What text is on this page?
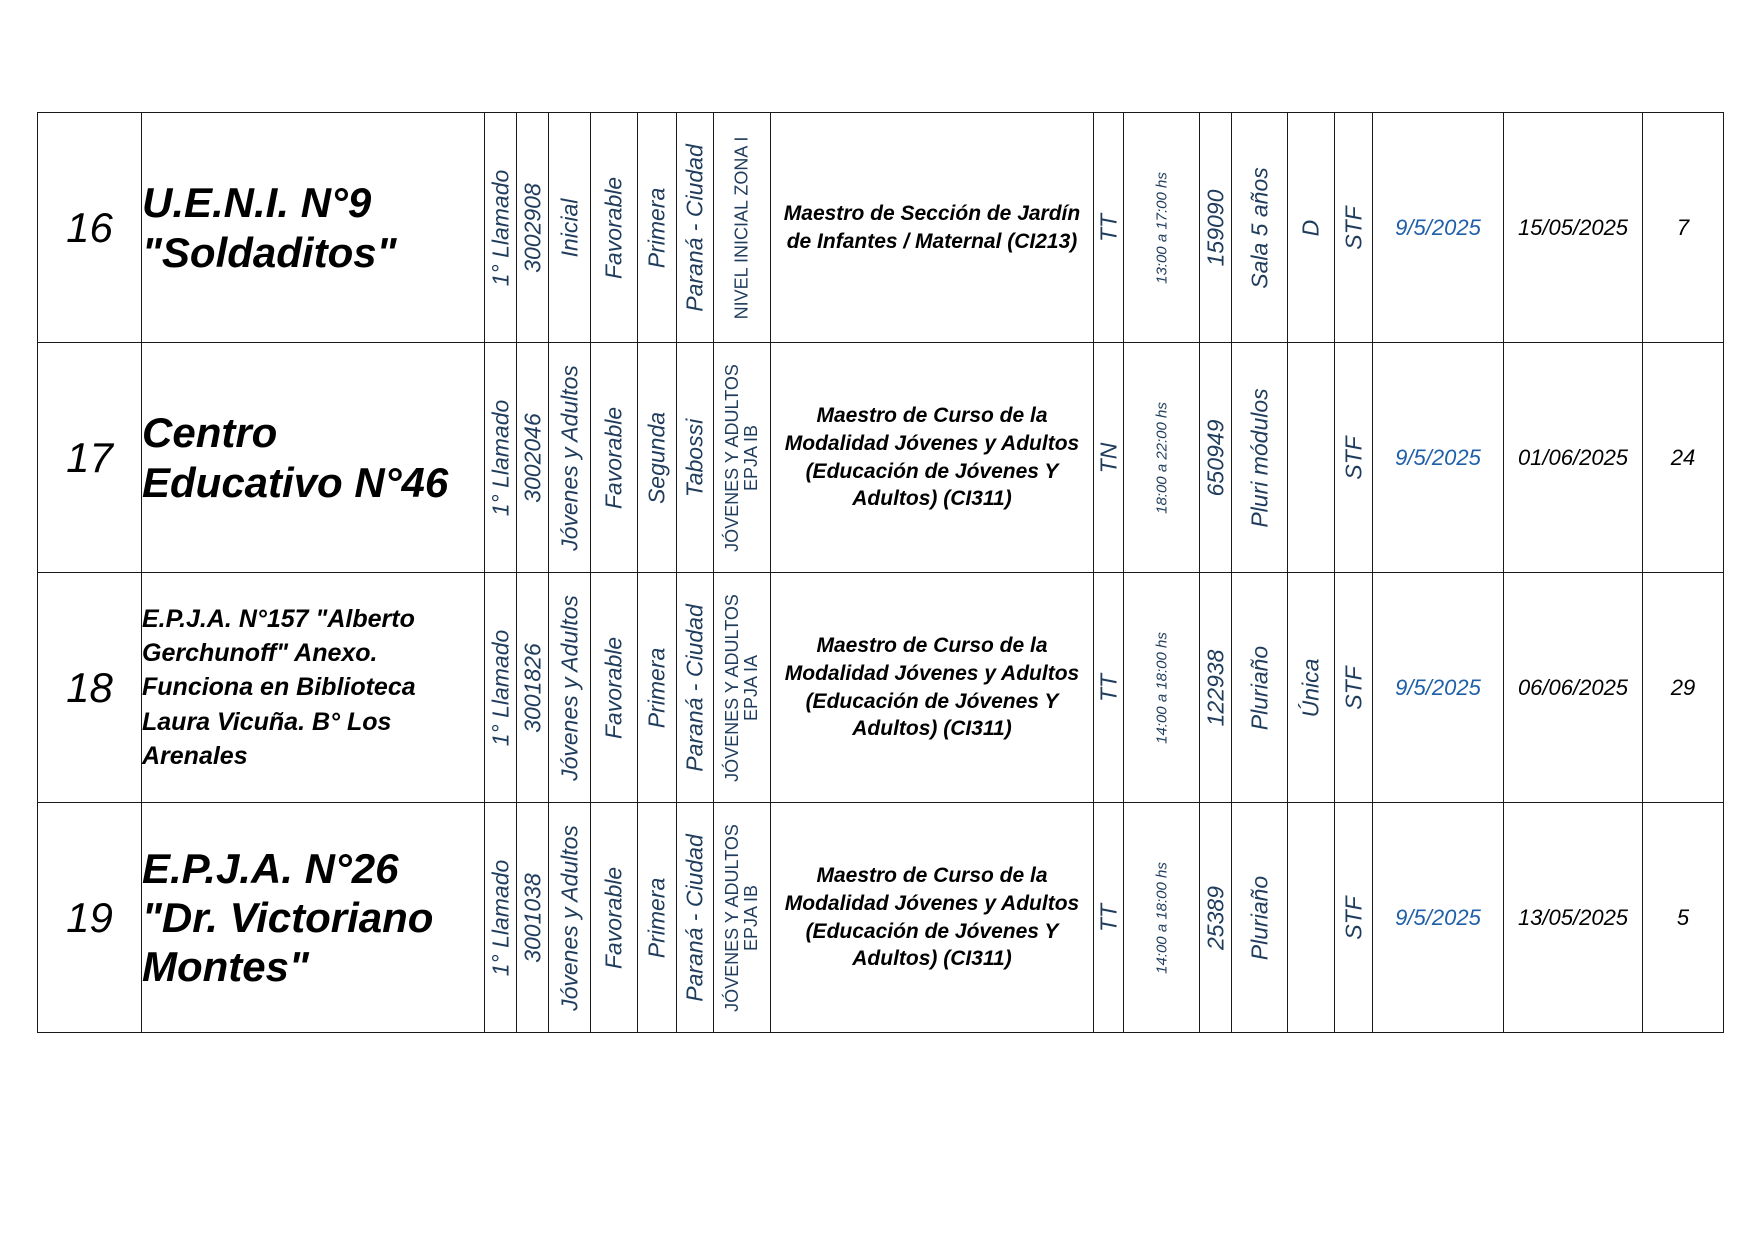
16	U.E.N.I. N°9 "Soldaditos"	1° Llamado	3002908	Inicial	Favorable	Primera	Paraná - Ciudad	NIVEL INICIAL ZONA I	Maestro de Sección de Jardín de Infantes / Maternal (CI213)	TT	13:00 a 17:00 hs	159090	Sala 5 años	D	STF	9/5/2025	15/05/2025	7
17	Centro Educativo N°46	1° Llamado	3002046	Jóvenes y Adultos	Favorable	Segunda	Tabossi	JÓVENES Y ADULTOS
EPJA IB	Maestro de Curso de la Modalidad Jóvenes y Adultos (Educación de Jóvenes Y Adultos) (CI311)	TN	18:00 a 22:00 hs	650949	Pluri módulos		STF	9/5/2025	01/06/2025	24
18	E.P.J.A. N°157 "Alberto Gerchunoff" Anexo. Funciona en Biblioteca Laura Vicuña. B° Los Arenales	1° Llamado	3001826	Jóvenes y Adultos	Favorable	Primera	Paraná - Ciudad	JÓVENES Y ADULTOS
EPJA IA	Maestro de Curso de la Modalidad Jóvenes y Adultos (Educación de Jóvenes Y Adultos) (CI311)	TT	14:00 a 18:00 hs	122938	Pluriaño	Única	STF	9/5/2025	06/06/2025	29
19	E.P.J.A. N°26 "Dr. Victoriano Montes"	1° Llamado	3001038	Jóvenes y Adultos	Favorable	Primera	Paraná - Ciudad	JÓVENES Y ADULTOS
EPJA IB	Maestro de Curso de la Modalidad Jóvenes y Adultos (Educación de Jóvenes Y Adultos) (CI311)	TT	14:00 a 18:00 hs	25389	Pluriaño		STF	9/5/2025	13/05/2025	5
